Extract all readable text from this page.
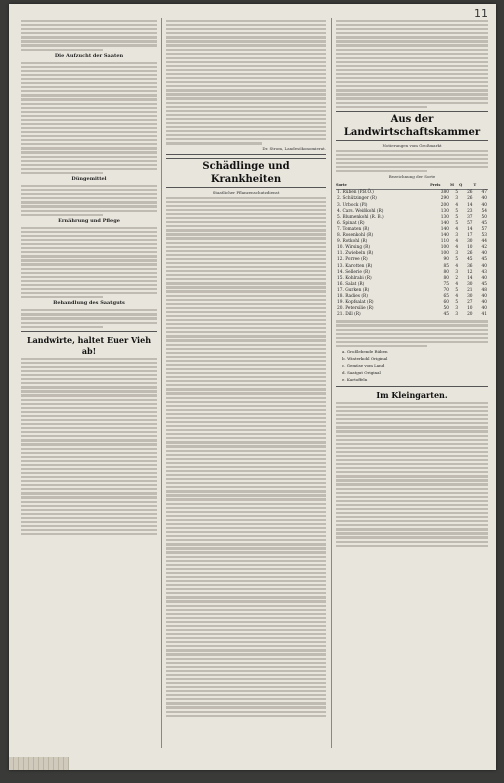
11
Die Aufzucht der Saaten
Düngemittel
Ernährung und Pflege
Behandlung des Saatguts
Landwirte, haltet Euer Vieh ab!
Dr. Strom, Landesökonomierat.
Schädlinge und Krankheiten
Staatlicher Pflanzenschutzdienst
Aus der Landwirtschaftskammer
Notierungen vom Großmarkt
Bezeichnung der Sorte
Sorte	Preis	M	Q	T
1. Rüben (P.B.Ö.)	380	5	26	47
2. Schützinger (R)	290	3	26	40
3. Urbock (Pl)	200	4	14	40
4. Cars. Weißkohl (R)	130	5	23	54
5. Blumenkohl (R. B.)	130	5	37	50
6. Spinat (R)	140	5	57	45
7. Tomaten (R)	140	4	14	57
8. Rosenkohl (R)	140	3	17	53
9. Rotkohl (R)	110	4	30	44
10. Wirsing (R)	100	4	10	42
11. Zwiebeln (R)	100	3	26	40
12. Porree (R)	90	5	45	45
13. Karotten (R)	85	4	36	40
14. Sellerie (R)	80	3	12	43
15. Kohlrabi (R)	80	2	14	40
16. Salat (R)	75	4	30	45
17. Gurken (R)	70	5	21	48
18. Radies (R)	65	4	30	40
19. Kopfsalat (R)	60	5	27	40
20. Petersilie (R)	50	3	10	40
21. Dill (R)	45	3	20	41
a. Großlebende Rüben
b. Winterkohl Original
c. Gemüse vom Land
d. Saatgut Original
e. Kartoffeln
Im Kleingarten.
